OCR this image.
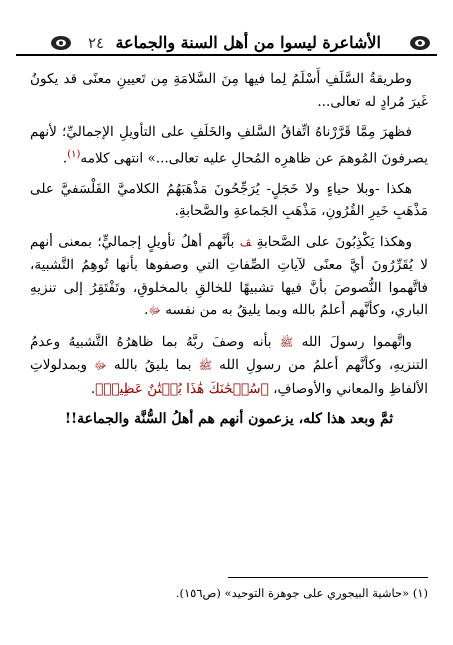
٢٤ الأشاعرة ليسوا من أهل السنة والجماعة

وطريقةُ السَّلَفِ أَسْلَمُ لِما فيها مِنَ السَّلامَةِ مِن تَعيينِ معنًى قد يكونُ غَيرَ مُرادٍ له تعالى...

فظهرَ مِمَّا قَرَّرْناهُ اتِّفاقُ السَّلفِ والخَلَفِ على التأويلِ الإجماليِّ؛ لأنهم يصرفونَ المُوهمَ عن ظاهرِه المُحالِ عليه تعالى...» انتهى كلامه$^{(١)}$.

هكذا -وبلا حياءٍ ولا خَجَلٍ- يُرَجِّحُونَ مَذْهَبَهُمُ الكلاميَّ الفَلْسَفيَّ على مَذْهَبِ خَيرِ القُرُونِ، مَذْهَبِ الجَماعةِ والصَّحابةِ.

وهكذا يَكْذِبُونَ على الصَّحابةِ ﭫ بأنَّهم أهلُ تأويلٍ إجماليٍّ؛ بمعنى أنهم لا يُقَرِّرُونَ أيَّ معنًى لآياتِ الصِّفاتِ التي وصفوها بأنها تُوهِمُ التَّشبيهَ، فاتَّهموا النُّصوصَ بأنَّ فيها تشبيهًا للخالقِ بالمخلوقِ، وتَفْتَقِرُ إلى تنزيهِ الباري، وكأنَّهم أعلمُ بالله وبما يليقُ به من نفسه ﷻ.

واتَّهموا رسولَ الله ﷺ بأنه وصفَ ربَّهُ بما ظاهرُهُ التَّشبيهُ وعدمُ التنزيهِ، وكأنَّهم أعلمُ من رسولِ الله ﷺ بما يليقُ بالله ﷻ وبمدلولاتِ الألفاظِ والمعاني والأوصافِ، ﴿سُبۡحَٰنَكَ هَٰذَا بُهۡتَٰنٌ عَظِيمٞ﴾.

ثمَّ وبعد هذا كله، يزعمون أنهم هم أهلُ السُّنَّة والجماعة!!

(١) «حاشية البيجوري على جوهرة التوحيد» (ص١٥٦).
